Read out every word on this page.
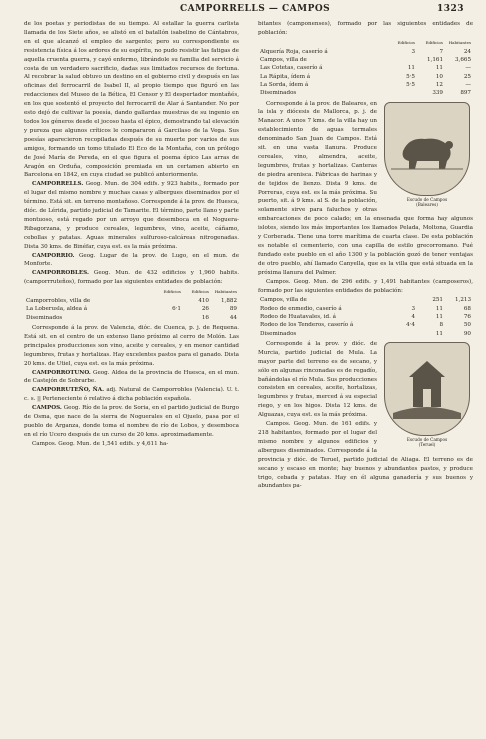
CAMPORRELLS — CAMPOS	1323

de los poetas y periodistas de su tiempo. Al estallar la guerra carlista llamada de los Siete años, se alistó en el batallón isabelino de Cántabros, en el que alcanzó el empleo de sargento; pero su correspondiente es resistencia física á los ardores de su espíritu, no pudo resistir las fatigas de aquella cruenta guerra, y cayó enfermo, librándole su familia del servicio á costa de un verdadero sacrificio, dadas sus limitados recursos de fortuna. Al recobrar la salud obtuvo un destino en el gobierno civil y después en las oficinas del ferrocarril de Isabel II, al propio tiempo que figuró en las redacciones del Museo de la Bética, El Censor y El despertador montañés, en los que sostentó el proyecto del ferrocarril de Alar á Santander. No por esto dejó de cultivar la poesía, dando gallardas muestras de su ingenio en todos los géneros desde el jocoso hasta el épico, demostrando tal elevación y pureza que algunos críticos le compararon á Garcilaso de la Vega. Sus poesías aparecieron recopiladas después de su muerte por varios de sus amigos, formando un tomo titulado El Eco de la Montaña, con un prólogo de José María de Pereda, en el que figura el poema épico Las arras de Aragón en Orduña, composición premiada en un certamen abierto en Barcelona en 1842, en cuya ciudad se publicó anteriormente.

CAMPORRELLS. Geog. Mun. de 304 edifs. y 923 habits., formado por el lugar del mismo nombre y muchas casas y albergues diseminados por el término. Está sit. en terreno montañoso. Corresponde á la prov. de Huesca, dióc. de Lérida, partido judicial de Tamarite. El término, parte llano y parte montuoso, está regado por un arroyo que desemboca en el Noguera-Ribagorzana, y produce cereales, legumbres, vino, aceite, cáñamo, cebollas y patatas. Aguas minerales sulfuroso-calcáreas nitrogenadas. Dista 30 kms. de Binéfar, cuya est. es la más próxima.

CAMPORRIO. Geog. Lugar de la prov. de Lugo, en el mun. de Monforte.

CAMPORROBLES. Geog. Mun. de 432 edificios y 1,960 habits. (camporrruteños), formado por las siguientes entidades de población:

	Edificios	Edificios	Habitantes
Camporrobles, villa de		410	1,882
La Loberusla, aldea á	6·1	26	89
Diseminados		16	44

Corresponde á la prov. de Valencia, dióc. de Cuenca, p. j. de Requena. Está sit. en el centro de un extenso llano próximo al cerro de Molón. Las principales producciones son vino, aceite y cereales, y en menor cantidad legumbres, frutas y hortalizas. Hay excelentes pastos para el ganado. Dista 20 kms. de Utiel, cuya est. es la más próxima.

CAMPORROTUNO. Geog. Aldea de la provincia de Huesca, en el mun. de Castejón de Sobrarbe.

CAMPORRUTEÑO, ÑA. adj. Natural de Camporrobles (Valencia). U. t. c. s. || Perteneciente ó relativo á dicha población española.

CAMPOS. Geog. Río de la prov. de Soria, en el partido judicial de Burgo de Osma, que nace de la sierra de Noguerales en el Ojuelo, pasa por el pueblo de Arganza, donde toma el nombre de río de Lobos, y desemboca en el río Ucero después de un curso de 20 kms. aproximadamente.

Campos. Geog. Mun. de 1,541 edifs. y 4,611 ha-

bitantes (camponenses), formado por las siguientes entidades de población:

	Edificios	Edificios	Habitantes
Alquería Roja, caserío á	3	7	24
Campos, villa de		1,161	3,665
Las Cotetas, caserío á	11	11	—
La Rápita, ídem á	5·5	10	25
La Sorda, ídem á	5·5	12	—
Diseminados		339	897
Escudo de Campos
(Baleares)

Corresponde á la prov. de Baleares, en la isla y diócesis de Mallorca, p. j. de Manacor. A unos 7 kms. de la villa hay un establecimiento de aguas termales denominado San Juan de Campos. Está sit. en una vasta llanura. Produce cereales, vino, almendra, aceite, legumbres, frutas y hortalizas. Canteras de piedra arenisca. Fábricas de harinas y de tejidos de lienzo. Dista 9 kms. de Porreras, cuya est. es la más próxima. Su puerto, sit. á 9 kms. al S. de la población, solamente sirve para faluchos y otras embarcaciones de poco calado; en la ensenada que forma hay algunos islotes, siendo los más importantes los llamados Pelada, Moltona, Guardia y Corberada. Tiene una torre marítima de cuarta clase. De esta población es notable el cementerio, con una capilla de estilo grecorromano. Fué fundado este pueblo en el año 1300 y la población gozó de tener ventajas de otro pueblo, ahí llamado Canyella, que es la villa que está situada en la próxima llanura del Palmer.

Campos. Geog. Mun. de 296 edifs. y 1,491 habitantes (camposeros), formado por las siguientes entidades de población:

Campos, villa de		251	1,213
Rodeo de enmedio, caserío á	3	11	68
Rodeo de Huatavales, id. á	4	11	76
Rodeo de los Tenderos, caserío á	4·4	8	50
Diseminados		11	90
Escudo de Campos
(Teruel)

Corresponde á la prov. y dióc. de Murcia, partido judicial de Mula. La mayor parte del terreno es de secano, y sólo en algunas rinconadas es de regadío, bañándolas el río Mula. Sus producciones consisten en cereales, aceite, hortalizas, legumbres y frutas, merced á su especial riego, y en los higos. Dista 12 kms. de Alguazas, cuya est. es la más próxima.

Campos. Geog. Mun. de 161 edifs. y 218 habitantes, formado por el lugar del mismo nombre y algunos edificios y albergues diseminados. Corresponde á la provincia y dióc. de Teruel, partido judicial de Aliaga. El terreno es de secano y escaso en monte; hay buenos y abundantes pastos, y produce trigo, cebada y patatas. Hay en él alguna ganadería y sus buenos y abundantes pa-
